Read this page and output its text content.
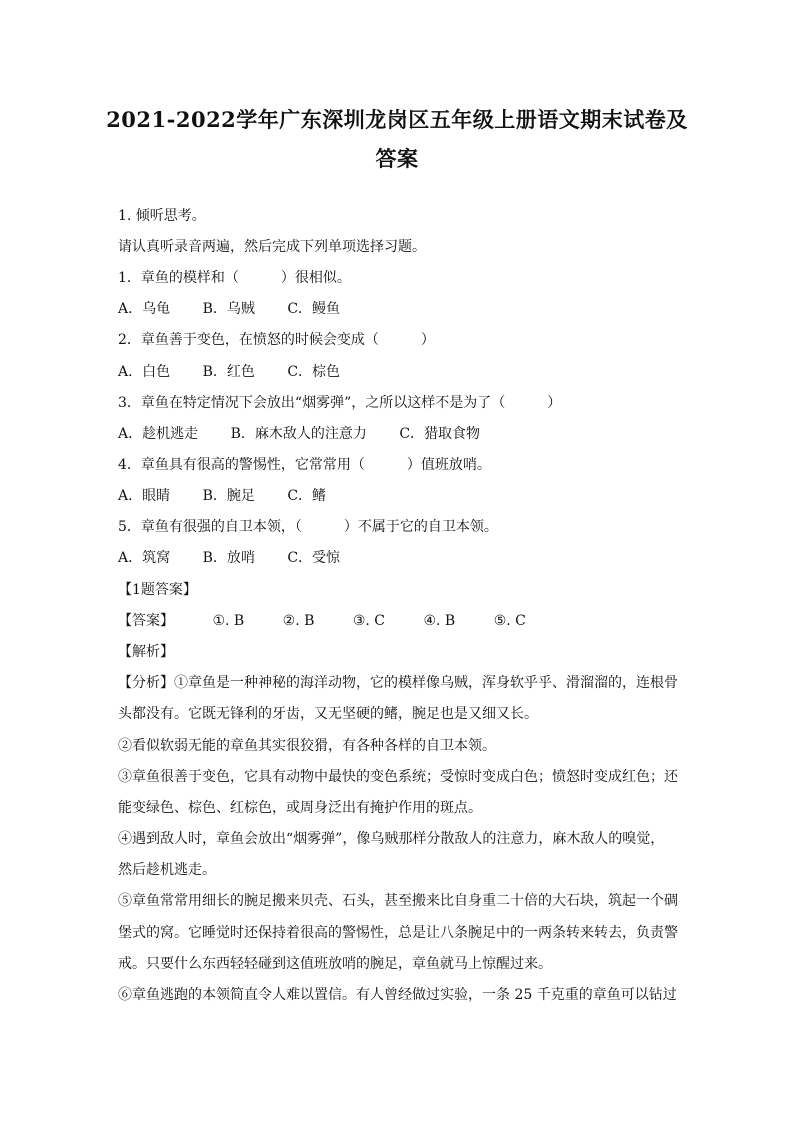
2021-2022学年广东深圳龙岗区五年级上册语文期末试卷及
答案
1. 倾听思考。
请认真听录音两遍，然后完成下列单项选择习题。
1．章鱼的模样和（　　　）很相似。
A．乌龟 B．乌贼 C．鳗鱼
2．章鱼善于变色，在愤怒的时候会变成（　　　）
A．白色 B．红色 C．棕色
3．章鱼在特定情况下会放出“烟雾弹”，之所以这样不是为了（　　　）
A．趁机逃走 B．麻木敌人的注意力 C．猎取食物
4．章鱼具有很高的警惕性，它常常用（　　　）值班放哨。
A．眼睛 B．腕足 C．鳍
5．章鱼有很强的自卫本领，（　　　）不属于它的自卫本领。
A．筑窝 B．放哨 C．受惊
【1题答案】
【答案】	①. B	②. B	③. C	④. B	⑤. C
【解析】
【分析】①章鱼是一种神秘的海洋动物，它的模样像乌贼，浑身软乎乎、滑溜溜的，连根骨
头都没有。它既无锋利的牙齿，又无坚硬的鳍，腕足也是又细又长。
②看似软弱无能的章鱼其实很狡猾，有各种各样的自卫本领。
③章鱼很善于变色，它具有动物中最快的变色系统；受惊时变成白色；愤怒时变成红色；还
能变绿色、棕色、红棕色，或周身泛出有掩护作用的斑点。
④遇到敌人时，章鱼会放出“烟雾弹”，像乌贼那样分散敌人的注意力，麻木敌人的嗅觉，
然后趁机逃走。
⑤章鱼常常用细长的腕足搬来贝壳、石头，甚至搬来比自身重二十倍的大石块，筑起一个碉
堡式的窝。它睡觉时还保持着很高的警惕性，总是让八条腕足中的一两条转来转去，负责警
戒。只要什么东西轻轻碰到这值班放哨的腕足，章鱼就马上惊醒过来。
⑥章鱼逃跑的本领简直令人难以置信。有人曾经做过实验，一条 25 千克重的章鱼可以钻过
